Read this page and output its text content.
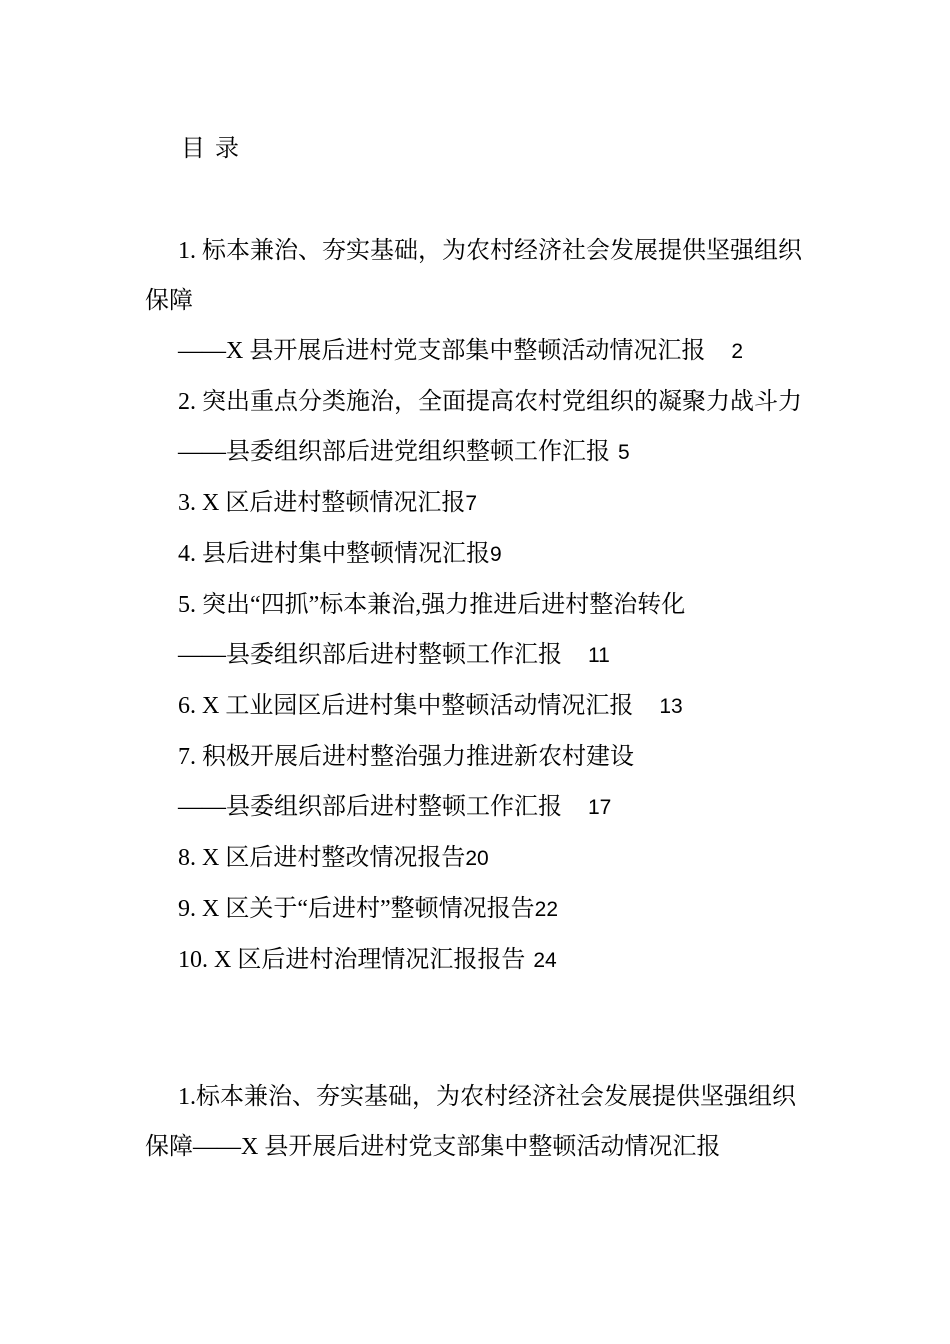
目 录
1. 标本兼治、夯实基础，为农村经济社会发展提供坚强组织保障
——X 县开展后进村党支部集中整顿活动情况汇报 2
2. 突出重点分类施治，全面提高农村党组织的凝聚力战斗力
——县委组织部后进党组织整顿工作汇报 5
3. X 区后进村整顿情况汇报7
4. 县后进村集中整顿情况汇报9
5. 突出“四抓”标本兼治,强力推进后进村整治转化
——县委组织部后进村整顿工作汇报 11
6. X 工业园区后进村集中整顿活动情况汇报 13
7. 积极开展后进村整治强力推进新农村建设
——县委组织部后进村整顿工作汇报 17
8. X 区后进村整改情况报告20
9. X 区关于“后进村”整顿情况报告22
10. X 区后进村治理情况汇报报告 24
1.标本兼治、夯实基础，为农村经济社会发展提供坚强组织保障——X 县开展后进村党支部集中整顿活动情况汇报
